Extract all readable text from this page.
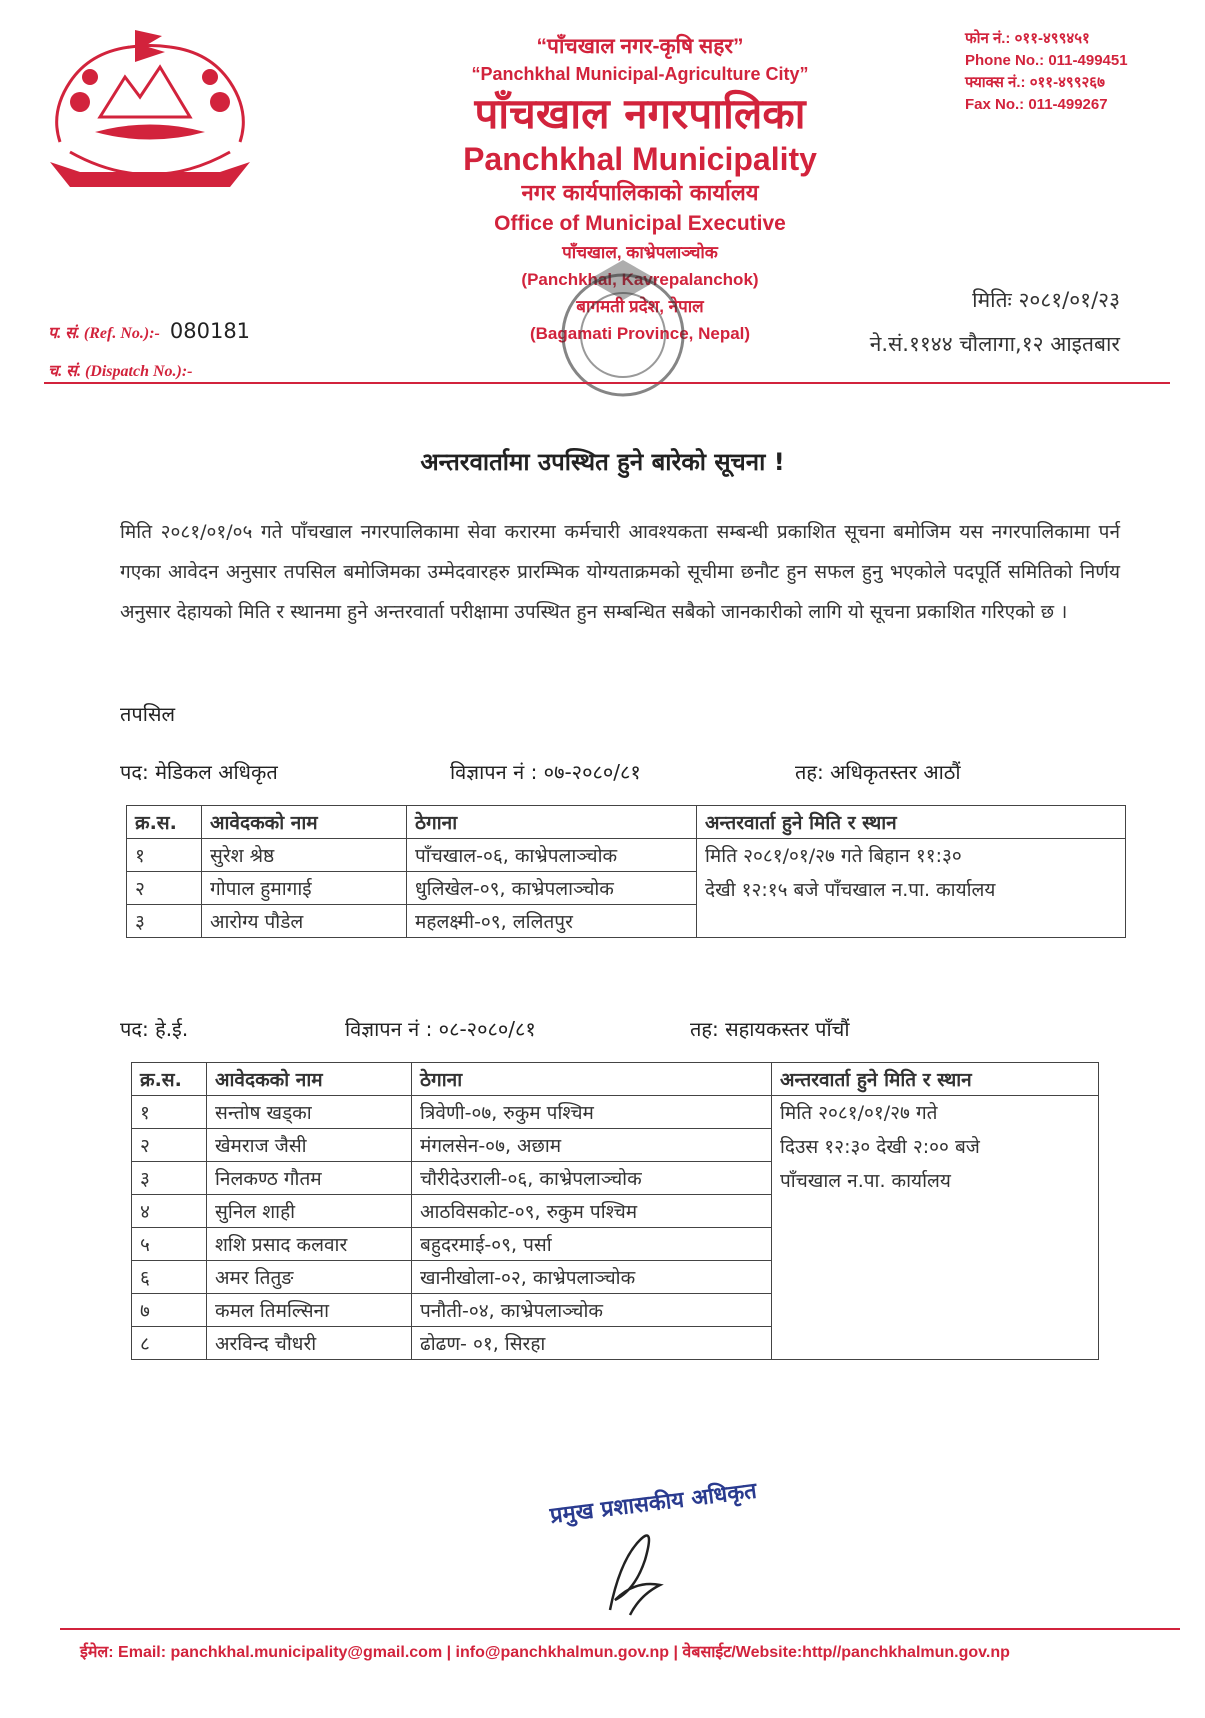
“पाँचखाल नगर-कृषि सहर”
“Panchkhal Municipal-Agriculture City”
पाँचखाल नगरपालिका
Panchkhal Municipality
नगर कार्यपालिकाको कार्यालय
Office of Municipal Executive
पाँचखाल, काभ्रेपलाञ्चोक
(Panchkhal, Kavrepalanchok)
बागमती प्रदेश, नेपाल
(Bagamati Province, Nepal)
फोन नं.: ०११-४९९४५१
Phone No.: 011-499451
फ्याक्स नं.: ०११-४९९२६७
Fax No.: 011-499267
प. सं. (Ref. No.):- 080181
च. सं. (Dispatch No.):-
मितिः २०८१/०१/२३
ने.सं.११४४ चौलागा,१२ आइतबार
अन्तरवार्तामा उपस्थित हुने बारेको सूचना !
मिति २०८१/०१/०५ गते पाँचखाल नगरपालिकामा सेवा करारमा कर्मचारी आवश्यकता सम्बन्धी प्रकाशित सूचना बमोजिम यस नगरपालिकामा पर्न गएका आवेदन अनुसार तपसिल बमोजिमका उम्मेदवारहरु प्रारम्भिक योग्यताक्रमको सूचीमा छनौट हुन सफल हुनु भएकोले पदपूर्ति समितिको निर्णय अनुसार देहायको मिति र स्थानमा हुने अन्तरवार्ता परीक्षामा उपस्थित हुन सम्बन्धित सबैको जानकारीको लागि यो सूचना प्रकाशित गरिएको छ ।
तपसिल
पद: मेडिकल अधिकृत	विज्ञापन नं : ०७-२०८०/८१	तह: अधिकृतस्तर आठौं
क्र.स.	आवेदकको नाम	ठेगाना	अन्तरवार्ता हुने मिति र स्थान
१	सुरेश श्रेष्ठ	पाँचखाल-०६, काभ्रेपलाञ्चोक	मिति २०८१/०१/२७ गते बिहान ११:३०
देखी १२:१५ बजे पाँचखाल न.पा. कार्यालय

२	गोपाल हुमागाई	धुलिखेल-०९, काभ्रेपलाञ्चोक	
३	आरोग्य पौडेल	महलक्ष्मी-०९, ललितपुर	
पद: हे.ई.	विज्ञापन नं : ०८-२०८०/८१	तह: सहायकस्तर पाँचौं
क्र.स.	आवेदकको नाम	ठेगाना	अन्तरवार्ता हुने मिति र स्थान
१	सन्तोष खड्का	त्रिवेणी-०७, रुकुम पश्चिम	मिति २०८१/०१/२७ गते
दिउस १२:३० देखी २:०० बजे
पाँचखाल न.पा. कार्यालय

२	खेमराज जैसी	मंगलसेन-०७, अछाम	
३	निलकण्ठ गौतम	चौरीदेउराली-०६, काभ्रेपलाञ्चोक	
४	सुनिल शाही	आठविसकोट-०९, रुकुम पश्चिम	
५	शशि प्रसाद कलवार	बहुदरमाई-०९, पर्सा	
६	अमर तितुङ	खानीखोला-०२, काभ्रेपलाञ्चोक	
७	कमल तिमल्सिना	पनौती-०४, काभ्रेपलाञ्चोक	
८	अरविन्द चौधरी	ढोढण- ०१, सिरहा	
प्रमुख प्रशासकीय अधिकृत
ईमेल: Email: panchkhal.municipality@gmail.com | info@panchkhalmun.gov.np | वेबसाईट/Website:http//panchkhalmun.gov.np
